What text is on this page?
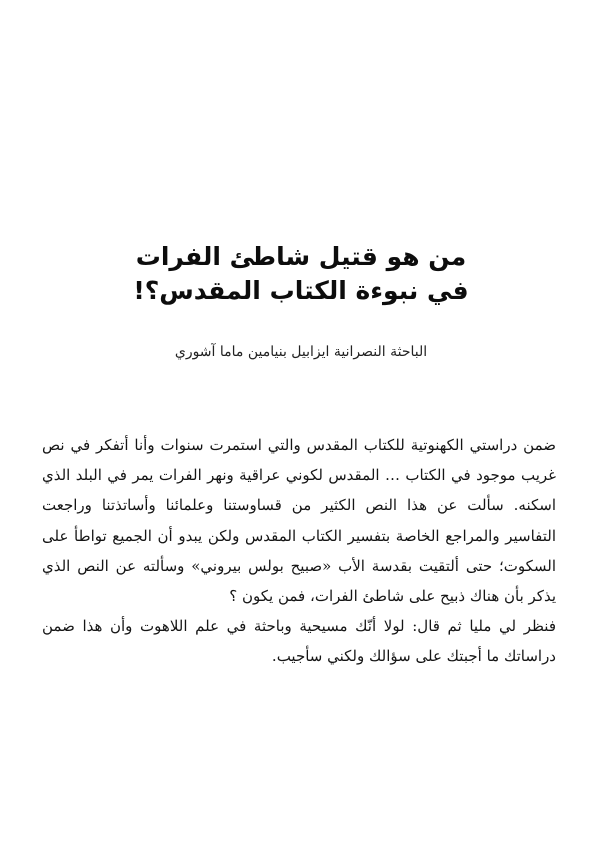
من هو قتيل شاطئ الفرات

في نبوءة الكتاب المقدس؟!

الباحثة النصرانية ايزابيل بنيامين ماما آشوري

ضمن دراستي الكهنوتية للكتاب المقدس والتي استمرت سنوات وأنا أتفكر في نص غريب موجود في الكتاب … المقدس لكوني عراقية ونهر الفرات يمر في البلد الذي اسكنه. سألت عن هذا النص الكثير من قساوستنا وعلمائنا وأساتذتنا وراجعت التفاسير والمراجع الخاصة بتفسير الكتاب المقدس ولكن يبدو أن الجميع تواطأ على السكوت؛ حتى ألتقيت بقدسة الأب «صبيح بولس بيروني» وسألته عن النص الذي يذكر بأن هناك ذبيح على شاطئ الفرات، فمن يكون ؟

فنظر لي مليا ثم قال: لولا أنّك مسيحية وباحثة في علم اللاهوت وأن هذا ضمن دراساتك ما أجبتك على سؤالك ولكني سأجيب.
